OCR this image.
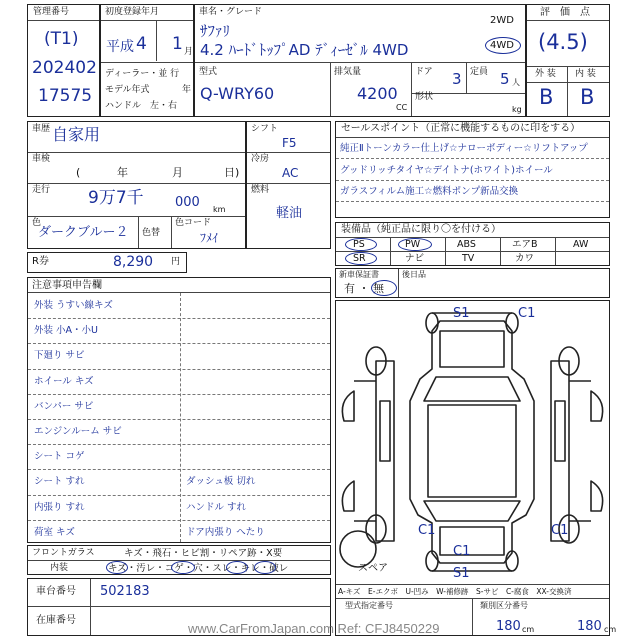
管理番号
(T1)
202402
17575
初度登録年月
平成 4 1 月
ディーラー・並 行
モデル年式	年
ハンドル　左・右
車名・グレード
ｻﾌｧﾘ
4.2 ﾊｰﾄﾞﾄｯﾌﾟAD ﾃﾞｨｰｾﾞﾙ 4WD
2WD
4WD
型式
Q-WRY60
排気量
4200
CC
ドア 3 定員 5 人
形状
kg
評　価　点
(4.5)
外 装 内 装
B B
車歴 自家用
車検
(	年	月	日)
走行 9万7千 000 km
色
ダークブルー２ 色替
色コード
ﾌﾒｲ
R券	8,290 円
シフト
F5
冷房
AC
燃料
軽油
セールスポイント（正常に機能するものに印をする）
純正Ⅱトーンカラー仕上げ☆ナローボディー☆リフトアップ
グッドリッチタイヤ☆デイトナ(ホワイト)ホイール
ガラスフィルム施工☆燃料ポンプ新品交換
装備品（純正品に限り〇を付ける）
PS	PW	ABS	エアB	AW
SR	ナビ	TV	カワ
新車保証書
有 ・ 無
後日品
注意事項申告欄
外装 うすい線キズ
外装 小A・小U
下廻り サビ
ホイール キズ
バンパー サビ
エンジンルーム サビ
シート コゲ
シート すれ	ダッシュ板 切れ
内張り すれ	ハンドル すれ
荷室 キズ	ドア内張り へたり
フロントガラス	キズ・飛石・ヒビ割・リペア跡・X要
内装	キズ・汚レ・コゲ・穴・スレ・キレ・破レ
車台番号 502183
在庫番号
S1	C1
C1
C1
S1
C1
スペア
A-キズ　E-エクボ　U-凹み　W-補修跡　S-サビ　C-腐食　XX-交換済
型式指定番号	類別区分番号
180 cm	180 cm
www.CarFromJapan.com Ref: CFJ8450229
